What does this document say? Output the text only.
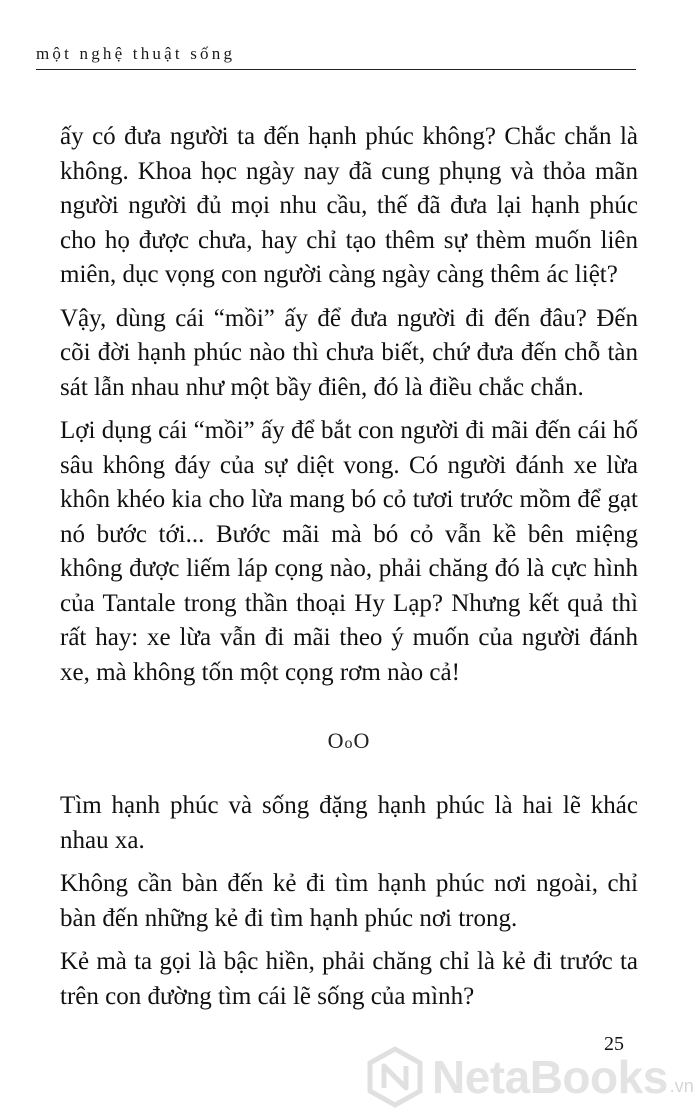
một nghệ thuật sống

ấy có đưa người ta đến hạnh phúc không? Chắc chắn là không. Khoa học ngày nay đã cung phụng và thỏa mãn người người đủ mọi nhu cầu, thế đã đưa lại hạnh phúc cho họ được chưa, hay chỉ tạo thêm sự thèm muốn liên miên, dục vọng con người càng ngày càng thêm ác liệt?

Vậy, dùng cái “mồi” ấy để đưa người đi đến đâu? Đến cõi đời hạnh phúc nào thì chưa biết, chứ đưa đến chỗ tàn sát lẫn nhau như một bầy điên, đó là điều chắc chắn.

Lợi dụng cái “mồi” ấy để bắt con người đi mãi đến cái hố sâu không đáy của sự diệt vong. Có người đánh xe lừa khôn khéo kia cho lừa mang bó cỏ tươi trước mồm để gạt nó bước tới... Bước mãi mà bó cỏ vẫn kề bên miệng không được liếm láp cọng nào, phải chăng đó là cực hình của Tantale trong thần thoại Hy Lạp? Nhưng kết quả thì rất hay: xe lừa vẫn đi mãi theo ý muốn của người đánh xe, mà không tốn một cọng rơm nào cả!

OoO

Tìm hạnh phúc và sống đặng hạnh phúc là hai lẽ khác nhau xa.

Không cần bàn đến kẻ đi tìm hạnh phúc nơi ngoài, chỉ bàn đến những kẻ đi tìm hạnh phúc nơi trong.

Kẻ mà ta gọi là bậc hiền, phải chăng chỉ là kẻ đi trước ta trên con đường tìm cái lẽ sống của mình?

25
NetaBooks .vn
